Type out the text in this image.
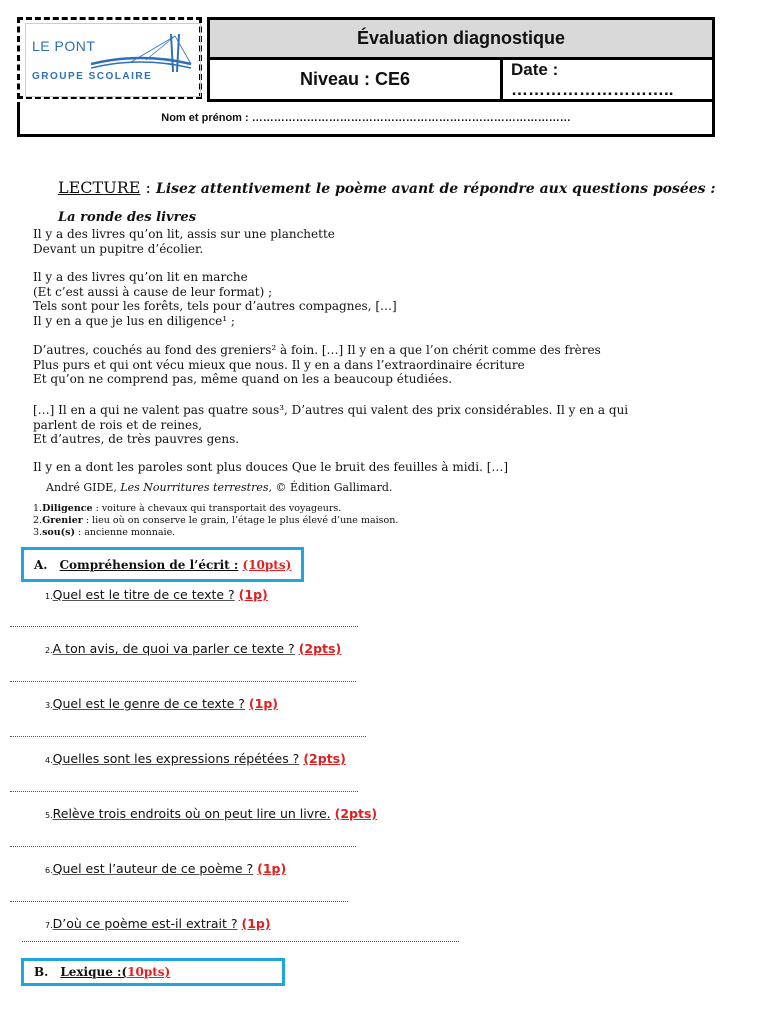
LE PONT
GROUPE SCOLAIRE
Évaluation diagnostique
Niveau : CE6	Date : ………………………..
Nom et prénom : ……………………………………………………………………………
LECTURE : Lisez attentivement le poème avant de répondre aux questions posées :
La ronde des livres
Il y a des livres qu’on lit, assis sur une planchette
Devant un pupitre d’écolier.
Il y a des livres qu’on lit en marche
(Et c’est aussi à cause de leur format) ;
Tels sont pour les forêts, tels pour d’autres compagnes, […]
Il y en a que je lus en diligence¹ ;
D’autres, couchés au fond des greniers² à foin. […] Il y en a que l’on chérit comme des frères
Plus purs et qui ont vécu mieux que nous. Il y en a dans l’extraordinaire écriture
Et qu’on ne comprend pas, même quand on les a beaucoup étudiées.
[…] Il en a qui ne valent pas quatre sous³, D’autres qui valent des prix considérables. Il y en a qui
parlent de rois et de reines,
Et d’autres, de très pauvres gens.
Il y en a dont les paroles sont plus douces Que le bruit des feuilles à midi. […]
André GIDE, Les Nourritures terrestres, © Édition Gallimard.
1.Diligence : voiture à chevaux qui transportait des voyageurs.
2.Grenier : lieu où on conserve le grain, l’étage le plus élevé d’une maison.
3.sou(s) : ancienne monnaie.
A. Compréhension de l’écrit :
(10pts)
1.Quel est le titre de ce texte ? (1p)
2.A ton avis, de quoi va parler ce texte ? (2pts)
3.Quel est le genre de ce texte ? (1p)
4.Quelles sont les expressions répétées ? (2pts)
5.Relève trois endroits où on peut lire un livre. (2pts)
6.Quel est l’auteur de ce poème ? (1p)
7.D’où ce poème est-il extrait ? (1p)
B. Lexique : ( 10pts)
